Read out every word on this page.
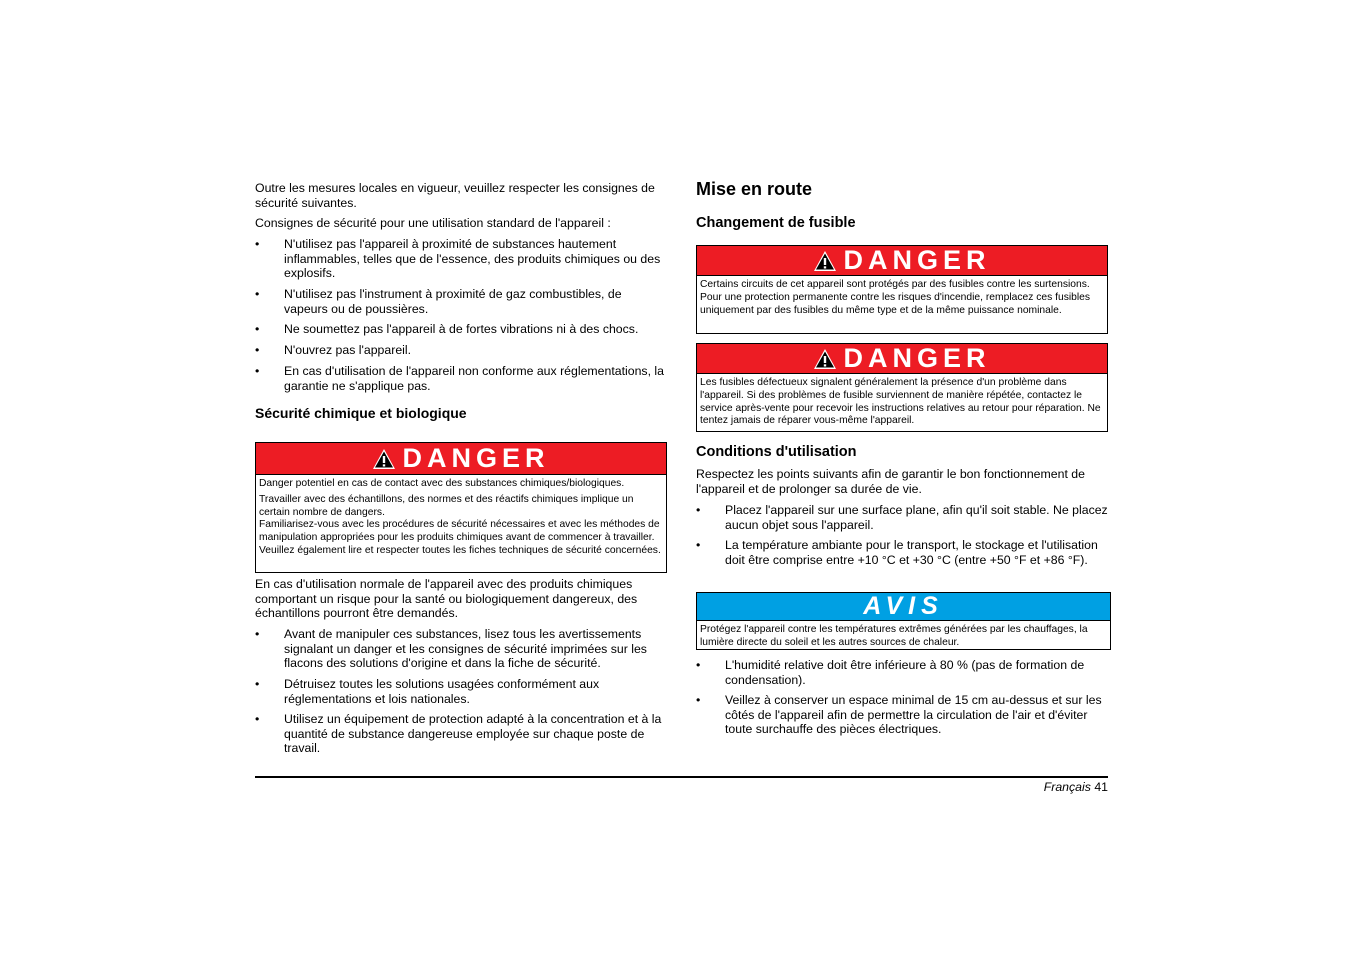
Outre les mesures locales en vigueur, veuillez respecter les consignes de sécurité suivantes.

Consignes de sécurité pour une utilisation standard de l'appareil :

• N'utilisez pas l'appareil à proximité de substances hautement inflammables, telles que de l'essence, des produits chimiques ou des explosifs.
• N'utilisez pas l'instrument à proximité de gaz combustibles, de vapeurs ou de poussières.
• Ne soumettez pas l'appareil à de fortes vibrations ni à des chocs.
• N'ouvrez pas l'appareil.
• En cas d'utilisation de l'appareil non conforme aux réglementations, la garantie ne s'applique pas.
Sécurité chimique et biologique
DANGER
Danger potentiel en cas de contact avec des substances chimiques/biologiques.
Travailler avec des échantillons, des normes et des réactifs chimiques implique un certain nombre de dangers.
Familiarisez-vous avec les procédures de sécurité nécessaires et avec les méthodes de manipulation appropriées pour les produits chimiques avant de commencer à travailler. Veuillez également lire et respecter toutes les fiches techniques de sécurité concernées.

En cas d'utilisation normale de l'appareil avec des produits chimiques comportant un risque pour la santé ou biologiquement dangereux, des échantillons pourront être demandés.

• Avant de manipuler ces substances, lisez tous les avertissements signalant un danger et les consignes de sécurité imprimées sur les flacons des solutions d'origine et dans la fiche de sécurité.
• Détruisez toutes les solutions usagées conformément aux réglementations et lois nationales.
• Utilisez un équipement de protection adapté à la concentration et à la quantité de substance dangereuse employée sur chaque poste de travail.
Mise en route
Changement de fusible
DANGER
Certains circuits de cet appareil sont protégés par des fusibles contre les surtensions. Pour une protection permanente contre les risques d'incendie, remplacez ces fusibles uniquement par des fusibles du même type et de la même puissance nominale.
DANGER
Les fusibles défectueux signalent généralement la présence d'un problème dans l'appareil. Si des problèmes de fusible surviennent de manière répétée, contactez le service après-vente pour recevoir les instructions relatives au retour pour réparation. Ne tentez jamais de réparer vous-même l'appareil.
Conditions d'utilisation

Respectez les points suivants afin de garantir le bon fonctionnement de l'appareil et de prolonger sa durée de vie.

• Placez l'appareil sur une surface plane, afin qu'il soit stable. Ne placez aucun objet sous l'appareil.
• La température ambiante pour le transport, le stockage et l'utilisation doit être comprise entre +10 °C et +30 °C (entre +50 °F et +86 °F).
AVIS
Protégez l'appareil contre les températures extrêmes générées par les chauffages, la lumière directe du soleil et les autres sources de chaleur.
• L'humidité relative doit être inférieure à 80 % (pas de formation de condensation).
• Veillez à conserver un espace minimal de 15 cm au-dessus et sur les côtés de l'appareil afin de permettre la circulation de l'air et d'éviter toute surchauffe des pièces électriques.
Français 41
